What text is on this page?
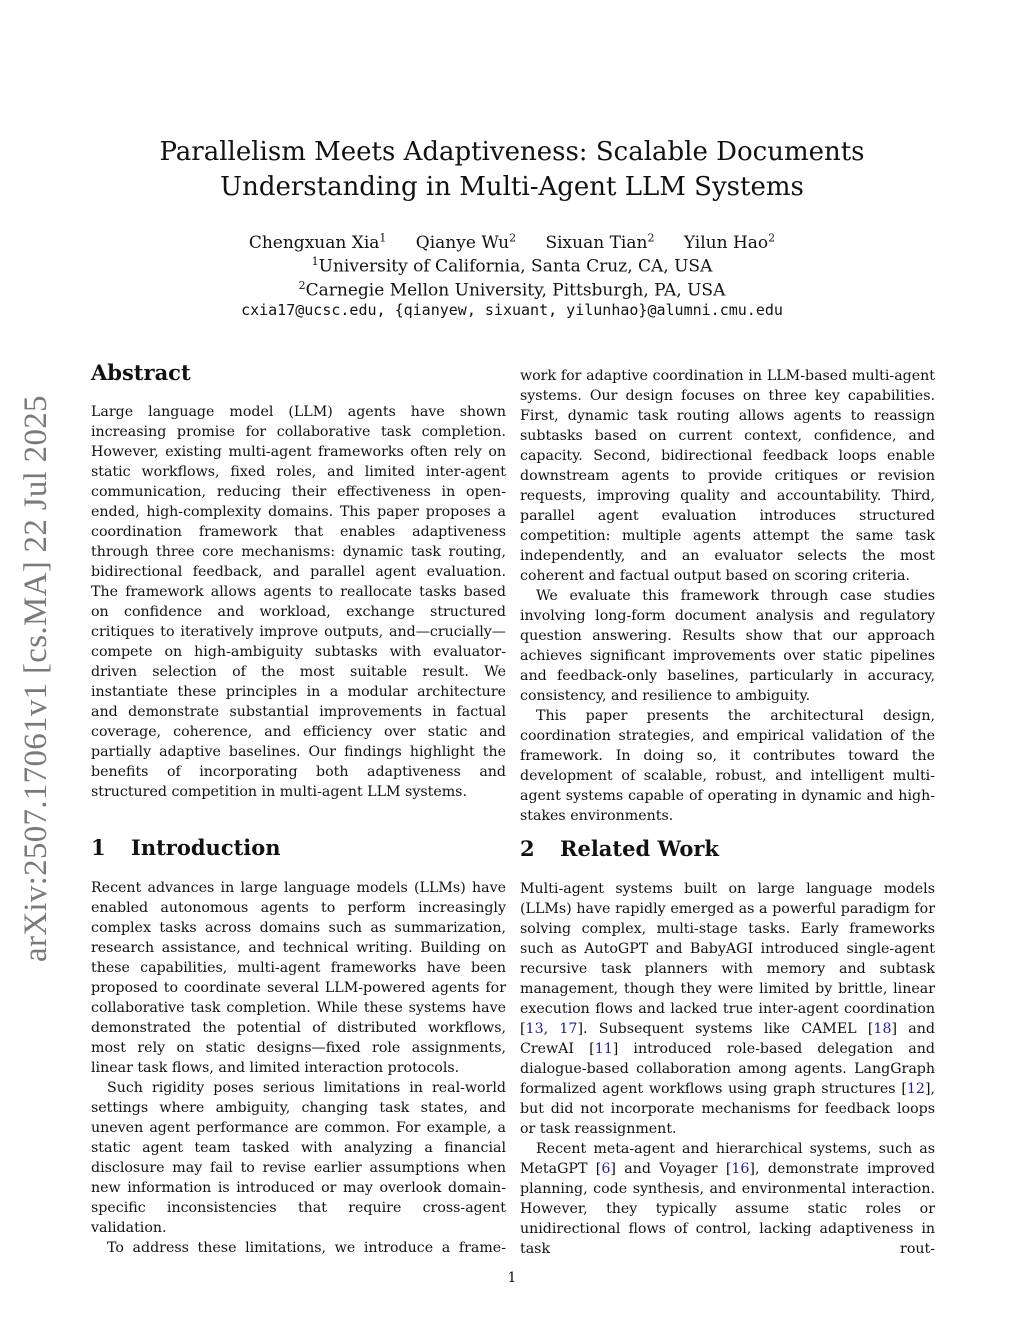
Parallelism Meets Adaptiveness: Scalable Documents Understanding in Multi-Agent LLM Systems
Chengxuan Xia$^1$ Qianye Wu$^2$ Sixuan Tian$^2$ Yilun Hao$^2$
$^1$University of California, Santa Cruz, CA, USA
$^2$Carnegie Mellon University, Pittsburgh, PA, USA
cxia17@ucsc.edu, {qianyew, sixuant, yilunhao}@alumni.cmu.edu
arXiv:2507.17061v1 [cs.MA] 22 Jul 2025
Abstract

Large language model (LLM) agents have shown increasing promise for collaborative task completion. However, existing multi-agent frameworks often rely on static workflows, fixed roles, and limited inter-agent communication, reducing their effectiveness in open-ended, high-complexity domains. This paper proposes a coordination framework that enables adaptiveness through three core mechanisms: dynamic task routing, bidirectional feedback, and parallel agent evaluation. The framework allows agents to reallocate tasks based on confidence and workload, exchange structured critiques to iteratively improve outputs, and—crucially—compete on high-ambiguity subtasks with evaluator-driven selection of the most suitable result. We instantiate these principles in a modular architecture and demonstrate substantial improvements in factual coverage, coherence, and efficiency over static and partially adaptive baselines. Our findings highlight the benefits of incorporating both adaptiveness and structured competition in multi-agent LLM systems.

1 Introduction

Recent advances in large language models (LLMs) have enabled autonomous agents to perform increasingly complex tasks across domains such as summarization, research assistance, and technical writing. Building on these capabilities, multi-agent frameworks have been proposed to coordinate several LLM-powered agents for collaborative task completion. While these systems have demonstrated the potential of distributed workflows, most rely on static designs—fixed role assignments, linear task flows, and limited interaction protocols.

Such rigidity poses serious limitations in real-world settings where ambiguity, changing task states, and uneven agent performance are common. For example, a static agent team tasked with analyzing a financial disclosure may fail to revise earlier assumptions when new information is introduced or may overlook domain-specific inconsistencies that require cross-agent validation.

To address these limitations, we introduce a frame-

work for adaptive coordination in LLM-based multi-agent systems. Our design focuses on three key capabilities. First, dynamic task routing allows agents to reassign subtasks based on current context, confidence, and capacity. Second, bidirectional feedback loops enable downstream agents to provide critiques or revision requests, improving quality and accountability. Third, parallel agent evaluation introduces structured competition: multiple agents attempt the same task independently, and an evaluator selects the most coherent and factual output based on scoring criteria.

We evaluate this framework through case studies involving long-form document analysis and regulatory question answering. Results show that our approach achieves significant improvements over static pipelines and feedback-only baselines, particularly in accuracy, consistency, and resilience to ambiguity.

This paper presents the architectural design, coordination strategies, and empirical validation of the framework. In doing so, it contributes toward the development of scalable, robust, and intelligent multi-agent systems capable of operating in dynamic and high-stakes environments.

2 Related Work

Multi-agent systems built on large language models (LLMs) have rapidly emerged as a powerful paradigm for solving complex, multi-stage tasks. Early frameworks such as AutoGPT and BabyAGI introduced single-agent recursive task planners with memory and subtask management, though they were limited by brittle, linear execution flows and lacked true inter-agent coordination [13, 17]. Subsequent systems like CAMEL [18] and CrewAI [11] introduced role-based delegation and dialogue-based collaboration among agents. LangGraph formalized agent workflows using graph structures [12], but did not incorporate mechanisms for feedback loops or task reassignment.

Recent meta-agent and hierarchical systems, such as MetaGPT [6] and Voyager [16], demonstrate improved planning, code synthesis, and environmental interaction. However, they typically assume static roles or unidirectional flows of control, lacking adaptiveness in task rout-

1
